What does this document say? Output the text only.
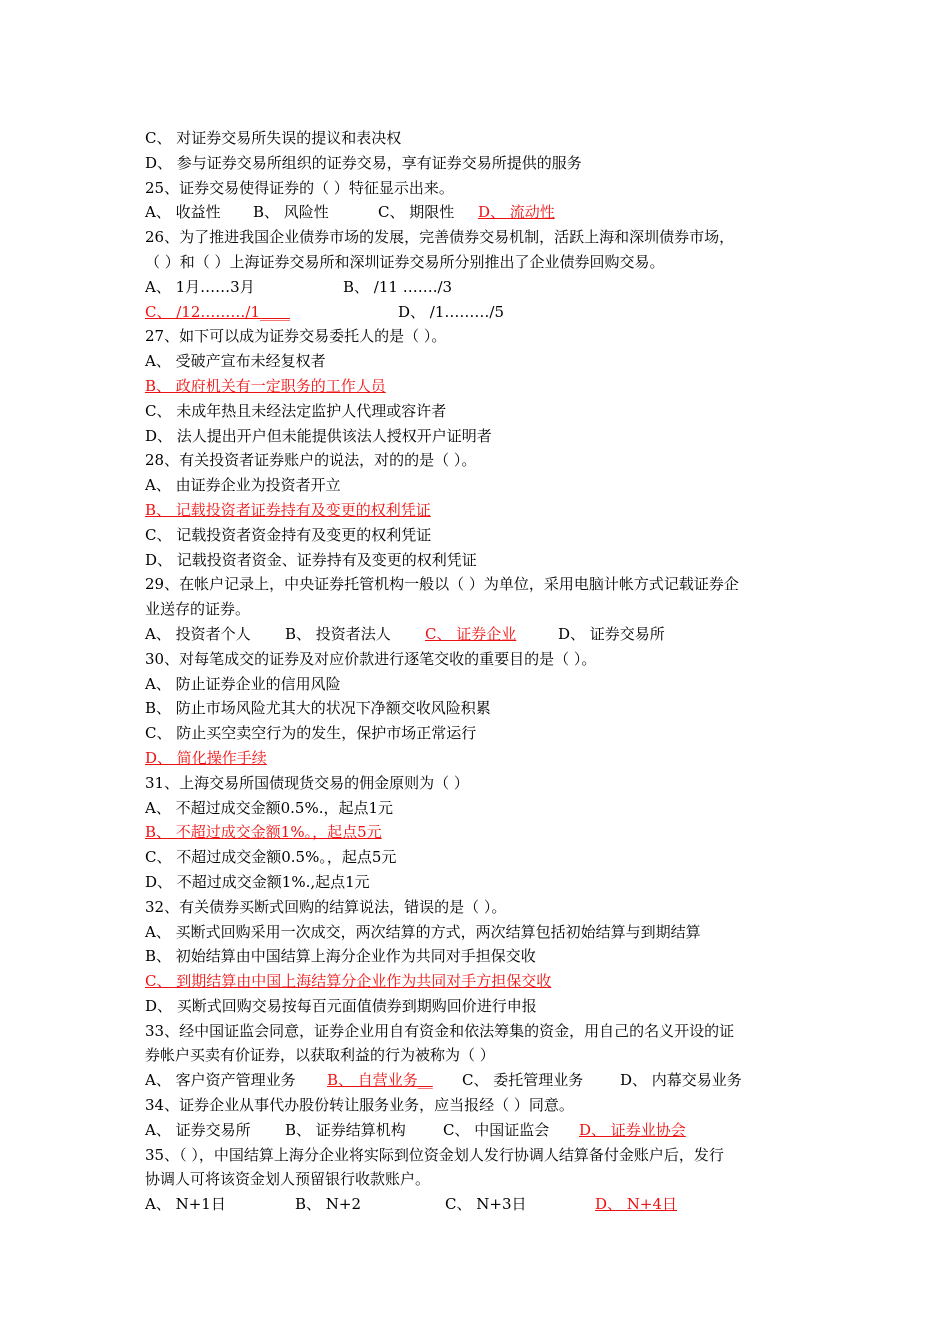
C、 对证券交易所失误的提议和表决权
D、 参与证券交易所组织的证券交易，享有证券交易所提供的服务
25、证券交易使得证券的（ ）特征显示出来。
A、 收益性 B、 风险性	C、 期限性 D、 流动性
26、为了推进我国企业债券市场的发展，完善债券交易机制，活跃上海和深圳债券市场，
（ ）和（ ）上海证券交易所和深圳证券交易所分别推出了企业债券回购交易。
A、 1月……3月	B、 /11 …….∕3
C、 /12………/1____	D、 /1………/5
27、如下可以成为证券交易委托人的是（ ）。
A、 受破产宣布未经复权者
B、 政府机关有一定职务的工作人员
C、 未成年热且未经法定监护人代理或容许者
D、 法人提出开户但未能提供该法人授权开户证明者
28、有关投资者证券账户的说法，对的的是（ ）。
A、 由证券企业为投资者开立
B、 记载投资者证券持有及变更的权利凭证
C、 记载投资者资金持有及变更的权利凭证
D、 记载投资者资金、证券持有及变更的权利凭证
29、在帐户记录上，中央证券托管机构一般以（ ）为单位，采用电脑计帐方式记载证券企
业送存的证券。
A、 投资者个人 B、 投资者法人 C、 证券企业	D、 证券交易所
30、对每笔成交的证券及对应价款进行逐笔交收的重要目的是（ ）。
A、 防止证券企业的信用风险
B、 防止市场风险尤其大的状况下净额交收风险积累
C、 防止买空卖空行为的发生，保护市场正常运行
D、 简化操作手续
31、上海交易所国债现货交易的佣金原则为（ ）
A、 不超过成交金额0.5%.，起点1元
B、 不超过成交金额1%。，起点5元
C、 不超过成交金额0.5%。，起点5元
D、 不超过成交金额1%.,起点1元
32、有关债券买断式回购的结算说法，错误的是（ ）。
A、 买断式回购采用一次成交，两次结算的方式，两次结算包括初始结算与到期结算
B、 初始结算由中国结算上海分企业作为共同对手担保交收
C、 到期结算由中国上海结算分企业作为共同对手方担保交收
D、 买断式回购交易按每百元面值债券到期购回价进行申报
33、经中国证监会同意，证券企业用自有资金和依法筹集的资金，用自己的名义开设的证
券帐户买卖有价证券，以获取利益的行为被称为（ ）
A、 客户资产管理业务 B、 自营业务__ C、 委托管理业务 D、 内幕交易业务
34、证券企业从事代办股份转让服务业务，应当报经（ ）同意。
A、 证券交易所 B、 证券结算机构 C、 中国证监会 D、 证券业协会
35、（ ），中国结算上海分企业将实际到位资金划人发行协调人结算备付金账户后，发行
协调人可将该资金划人预留银行收款账户。
A、 N+1日	B、 N+2	C、 N+3日	D、 N+4日
